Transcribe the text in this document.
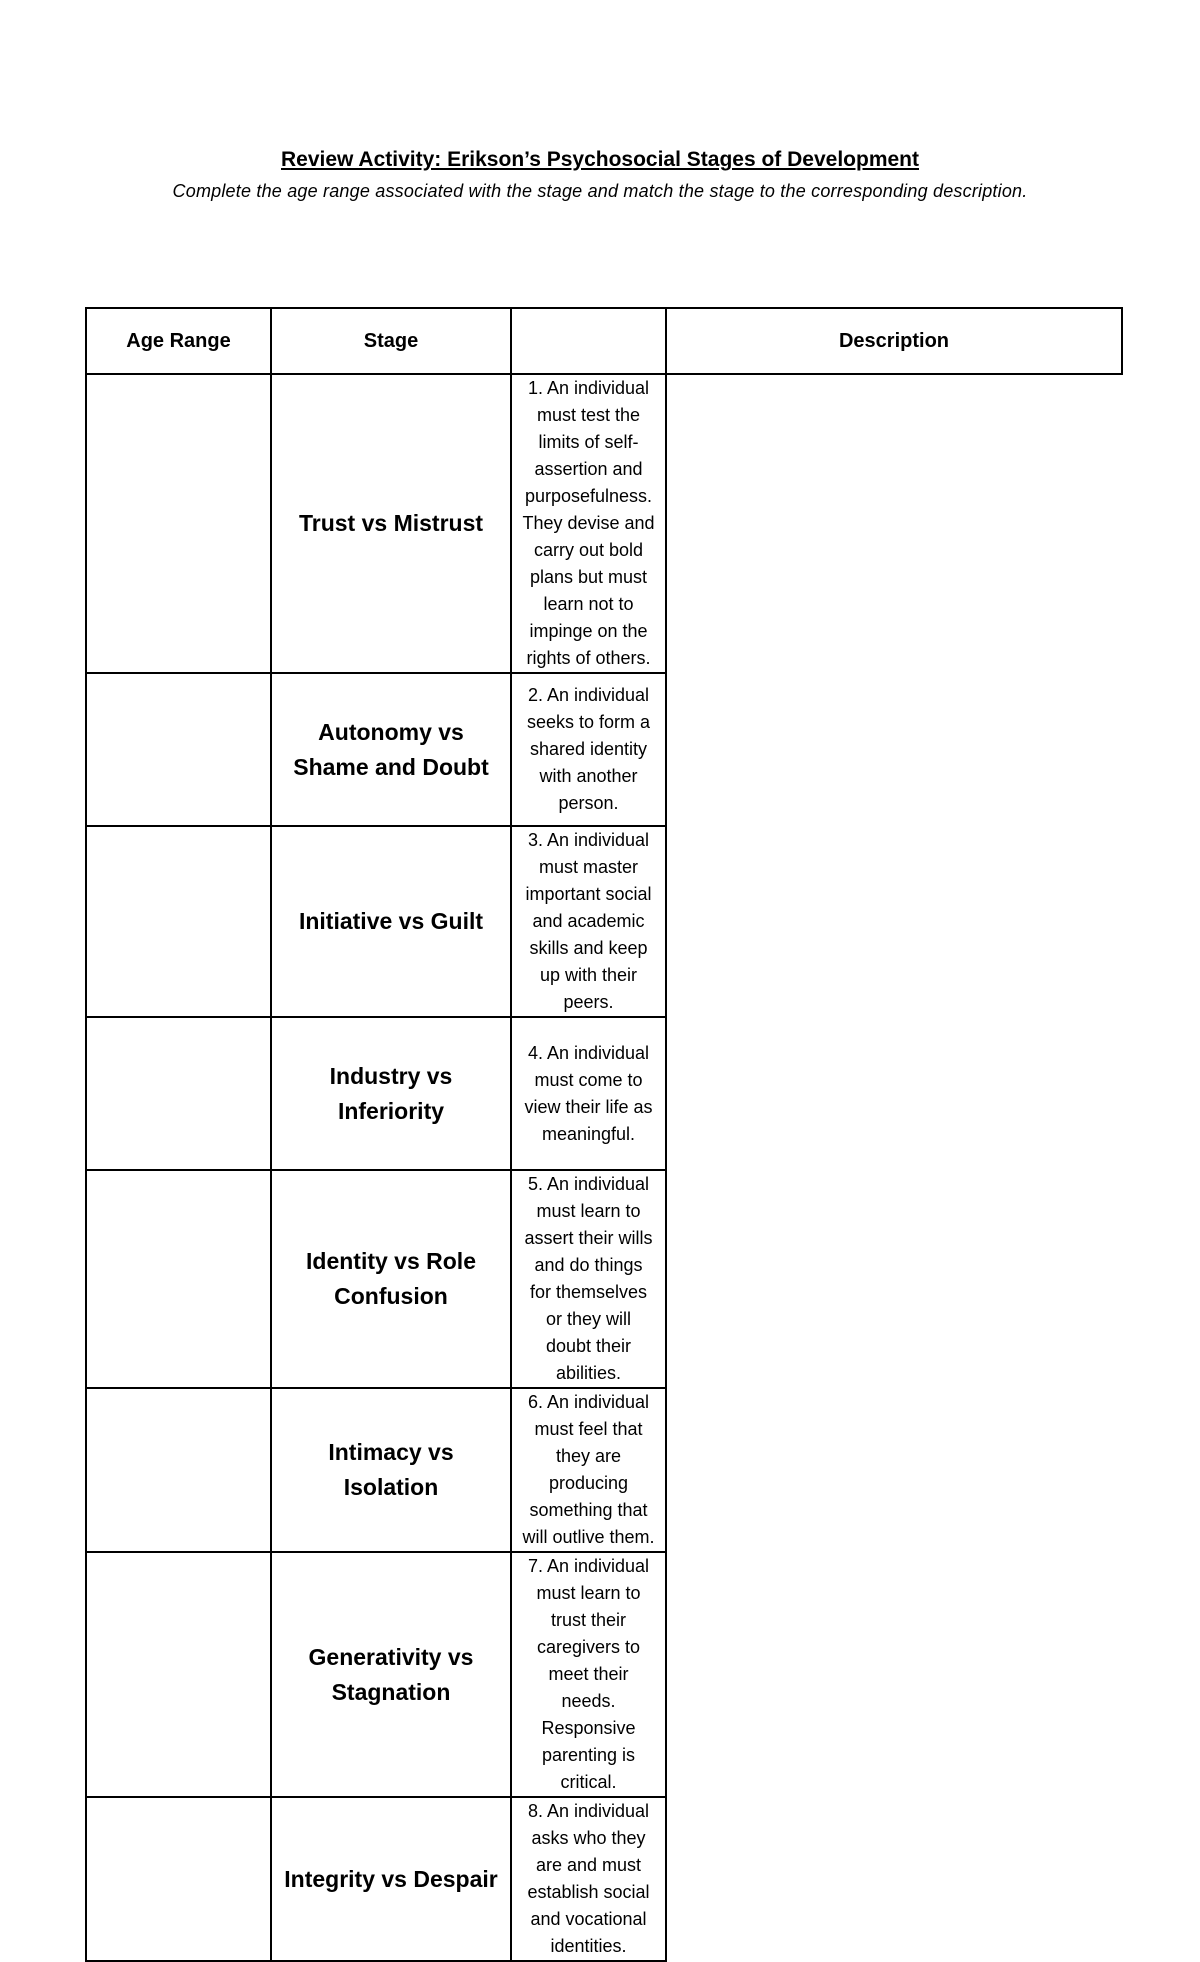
Review Activity: Erikson’s Psychosocial Stages of Development

Complete the age range associated with the stage and match the stage to the corresponding description.

Age Range	Stage		Description

	Trust vs Mistrust	1. An individual must test the limits of self-assertion and purposefulness. They devise and carry out bold plans but must learn not to impinge on the rights of others.	

	Autonomy vs Shame and Doubt	2. An individual seeks to form a shared identity with another person.	

	Initiative vs Guilt	3. An individual must master important social and academic skills and keep up with their peers.	

	Industry vs Inferiority	4. An individual must come to view their life as meaningful.	

	Identity vs Role Confusion	5. An individual must learn to assert their wills and do things for themselves or they will doubt their abilities.	

	Intimacy vs Isolation	6. An individual must feel that they are producing something that will outlive them.	

	Generativity vs Stagnation	7. An individual must learn to trust their caregivers to meet their needs. Responsive parenting is critical.	

	Integrity vs Despair	8. An individual asks who they are and must establish social and vocational identities.	
